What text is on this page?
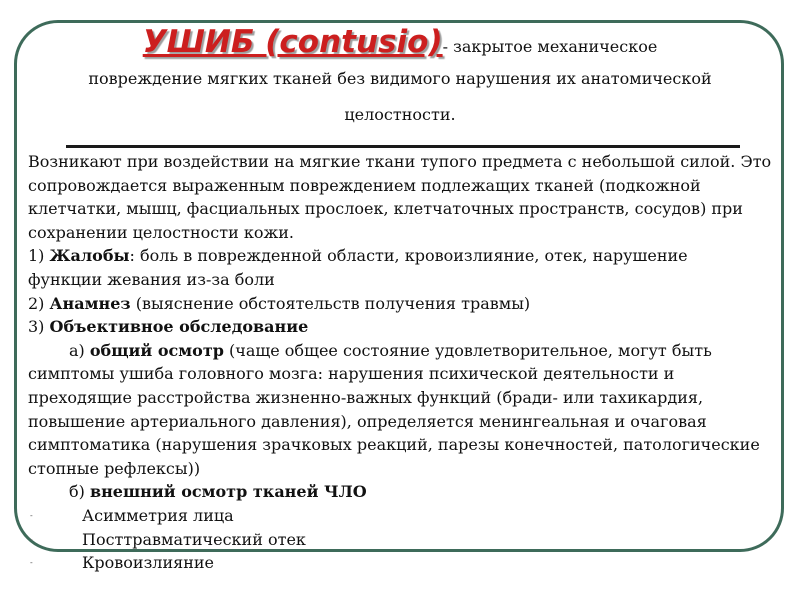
УШИБ (contusio)- закрытое механическое
повреждение мягких тканей без видимого нарушения их анатомической
целостности.
Возникают при воздействии на мягкие ткани тупого предмета с небольшой силой. Это
сопровождается выраженным повреждением подлежащих тканей (подкожной
клетчатки, мышц, фасциальных прослоек, клетчаточных пространств, сосудов) при
сохранении целостности кожи.
1) Жалобы: боль в поврежденной области, кровоизлияние, отек, нарушение
функции жевания из-за боли
2) Анамнез (выяснение обстоятельств получения травмы)
3) Объективное обследование
а) общий осмотр (чаще общее состояние удовлетворительное, могут быть
симптомы ушиба головного мозга: нарушения психической деятельности и
преходящие расстройства жизненно-важных функций (бради- или тахикардия,
повышение артериального давления), определяется менингеальная и очаговая
симптоматика (нарушения зрачковых реакций, парезы конечностей, патологические
стопные рефлексы))
б) внешний осмотр тканей ЧЛО
-	Асимметрия лица
-	Посттравматический отек
-	Кровоизлияние
